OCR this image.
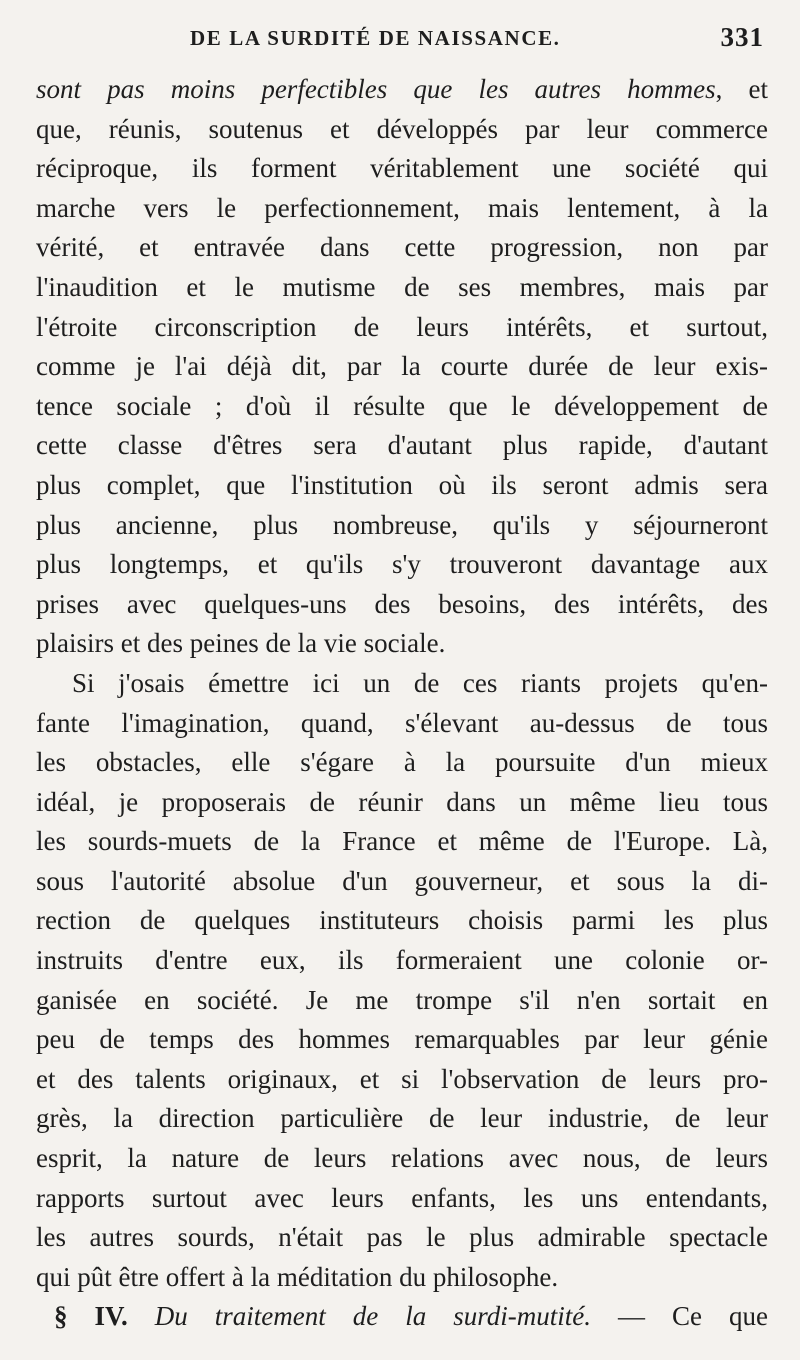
DE LA SURDITÉ DE NAISSANCE.	331
sont pas moins perfectibles que les autres hommes, et
que, réunis, soutenus et développés par leur commerce
réciproque, ils forment véritablement une société qui
marche vers le perfectionnement, mais lentement, à la
vérité, et entravée dans cette progression, non par
l'inaudition et le mutisme de ses membres, mais par
l'étroite circonscription de leurs intérêts, et surtout,
comme je l'ai déjà dit, par la courte durée de leur exis-
tence sociale ; d'où il résulte que le développement de
cette classe d'êtres sera d'autant plus rapide, d'autant
plus complet, que l'institution où ils seront admis sera
plus ancienne, plus nombreuse, qu'ils y séjourneront
plus longtemps, et qu'ils s'y trouveront davantage aux
prises avec quelques-uns des besoins, des intérêts, des
plaisirs et des peines de la vie sociale.
Si j'osais émettre ici un de ces riants projets qu'en-
fante l'imagination, quand, s'élevant au-dessus de tous
les obstacles, elle s'égare à la poursuite d'un mieux
idéal, je proposerais de réunir dans un même lieu tous
les sourds-muets de la France et même de l'Europe. Là,
sous l'autorité absolue d'un gouverneur, et sous la di-
rection de quelques instituteurs choisis parmi les plus
instruits d'entre eux, ils formeraient une colonie or-
ganisée en société. Je me trompe s'il n'en sortait en
peu de temps des hommes remarquables par leur génie
et des talents originaux, et si l'observation de leurs pro-
grès, la direction particulière de leur industrie, de leur
esprit, la nature de leurs relations avec nous, de leurs
rapports surtout avec leurs enfants, les uns entendants,
les autres sourds, n'était pas le plus admirable spectacle
qui pût être offert à la méditation du philosophe.
§ IV. Du traitement de la surdi-mutité. — Ce que
